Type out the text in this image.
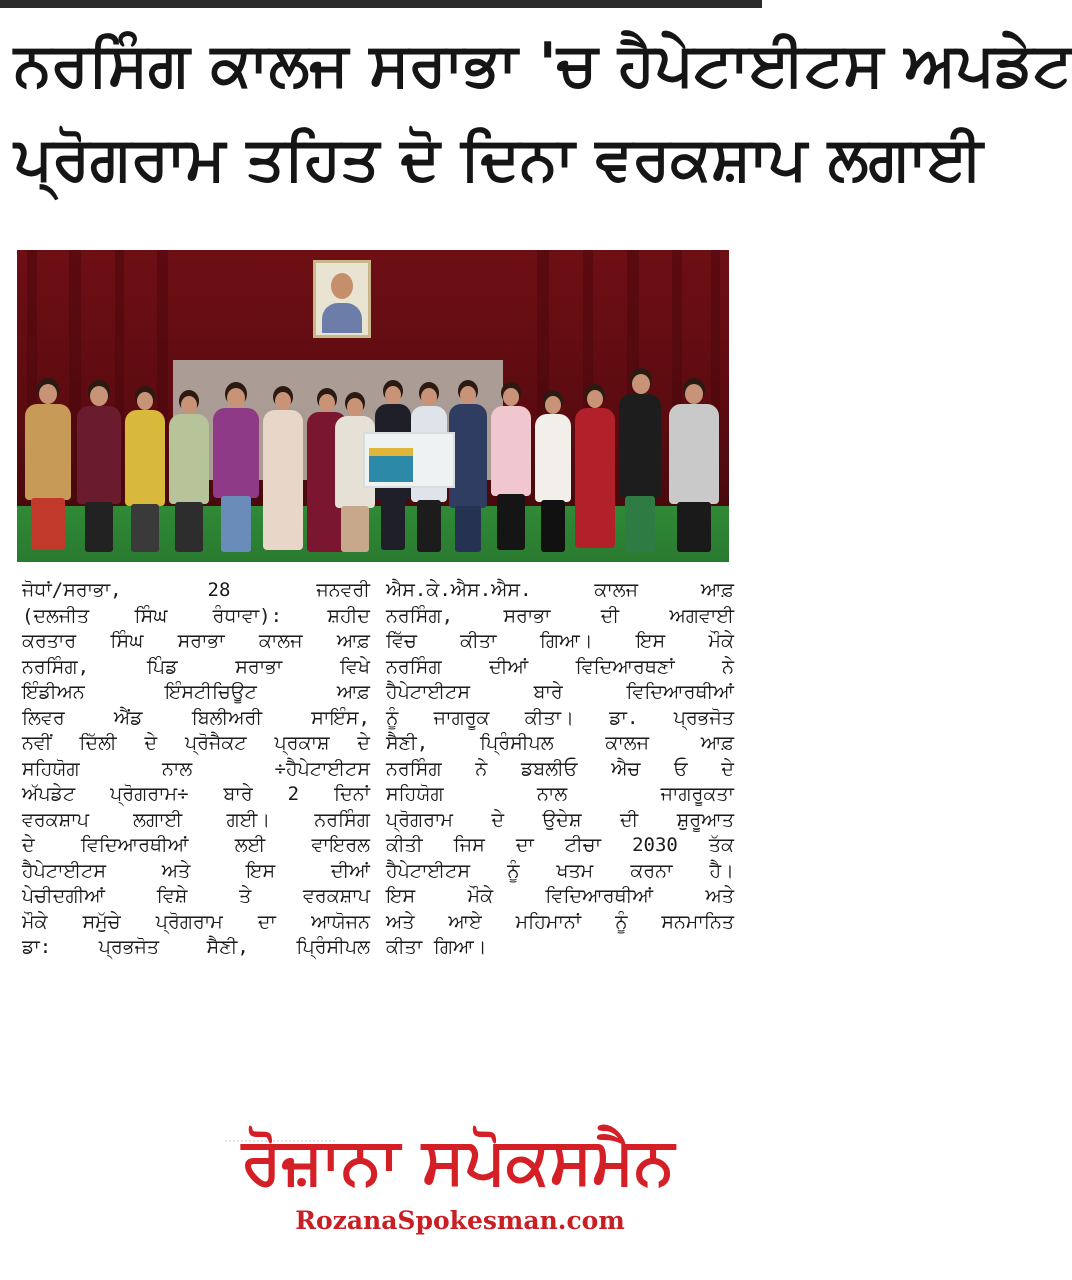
ਨਰਸਿੰਗ ਕਾਲਜ ਸਰਾਭਾ 'ਚ ਹੈਪੇਟਾਈਟਸ ਅਪਡੇਟ
ਪ੍ਰੋਗਰਾਮ ਤਹਿਤ ਦੋ ਦਿਨਾ ਵਰਕਸ਼ਾਪ ਲਗਾਈ
ਜੋਧਾਂ/ਸਰਾਭਾ, 28 ਜਨਵਰੀ
(ਦਲਜੀਤ ਸਿੰਘ ਰੰਧਾਵਾ): ਸ਼ਹੀਦ
ਕਰਤਾਰ ਸਿੰਘ ਸਰਾਭਾ ਕਾਲਜ ਆਫ਼
ਨਰਸਿੰਗ, ਪਿੰਡ ਸਰਾਭਾ ਵਿਖੇ
ਇੰਡੀਅਨ ਇੰਸਟੀਚਿਊਟ ਆਫ਼
ਲਿਵਰ ਐਂਡ ਬਿਲੀਅਰੀ ਸਾਇੰਸ,
ਨਵੀਂ ਦਿੱਲੀ ਦੇ ਪ੍ਰੋਜੈਕਟ ਪ੍ਰਕਾਸ਼ ਦੇ
ਸਹਿਯੋਗ ਨਾਲ ÷ਹੈਪੇਟਾਈਟਸ
ਅੱਪਡੇਟ ਪ੍ਰੋਗਰਾਮ÷ ਬਾਰੇ 2 ਦਿਨਾਂ
ਵਰਕਸ਼ਾਪ ਲਗਾਈ ਗਈ। ਨਰਸਿੰਗ
ਦੇ ਵਿਦਿਆਰਥੀਆਂ ਲਈ ਵਾਇਰਲ
ਹੈਪੇਟਾਈਟਸ ਅਤੇ ਇਸ ਦੀਆਂ
ਪੇਚੀਦਗੀਆਂ ਵਿਸ਼ੇ ਤੇ ਵਰਕਸ਼ਾਪ
ਮੌਕੇ ਸਮੁੱਚੇ ਪ੍ਰੋਗਰਾਮ ਦਾ ਆਯੋਜਨ
ਡਾ: ਪ੍ਰਭਜੋਤ ਸੈਣੀ, ਪ੍ਰਿੰਸੀਪਲ
ਐਸ.ਕੇ.ਐਸ.ਐਸ. ਕਾਲਜ ਆਫ਼
ਨਰਸਿੰਗ, ਸਰਾਭਾ ਦੀ ਅਗਵਾਈ
ਵਿੱਚ ਕੀਤਾ ਗਿਆ। ਇਸ ਮੌਕੇ
ਨਰਸਿੰਗ ਦੀਆਂ ਵਿਦਿਆਰਥਣਾਂ ਨੇ
ਹੈਪੇਟਾਈਟਸ ਬਾਰੇ ਵਿਦਿਆਰਥੀਆਂ
ਨੂੰ ਜਾਗਰੂਕ ਕੀਤਾ। ਡਾ. ਪ੍ਰਭਜੋਤ
ਸੈਣੀ, ਪ੍ਰਿੰਸੀਪਲ ਕਾਲਜ ਆਫ਼
ਨਰਸਿੰਗ ਨੇ ਡਬਲੀਓ ਐਚ ਓ ਦੇ
ਸਹਿਯੋਗ ਨਾਲ ਜਾਗਰੂਕਤਾ
ਪ੍ਰੋਗਰਾਮ ਦੇ ਉਦੇਸ਼ ਦੀ ਸ਼ੁਰੂਆਤ
ਕੀਤੀ ਜਿਸ ਦਾ ਟੀਚਾ 2030 ਤੱਕ
ਹੈਪੇਟਾਈਟਸ ਨੂੰ ਖਤਮ ਕਰਨਾ ਹੈ।
ਇਸ ਮੌਕੇ ਵਿਦਿਆਰਥੀਆਂ ਅਤੇ
ਅਤੇ ਆਏ ਮਹਿਮਾਨਾਂ ਨੂੰ ਸਨਮਾਨਿਤ
ਕੀਤਾ ਗਿਆ।
ਰੋਜ਼ਾਨਾ ਸਪੋਕਸਮੈਨ
RozanaSpokesman.com
